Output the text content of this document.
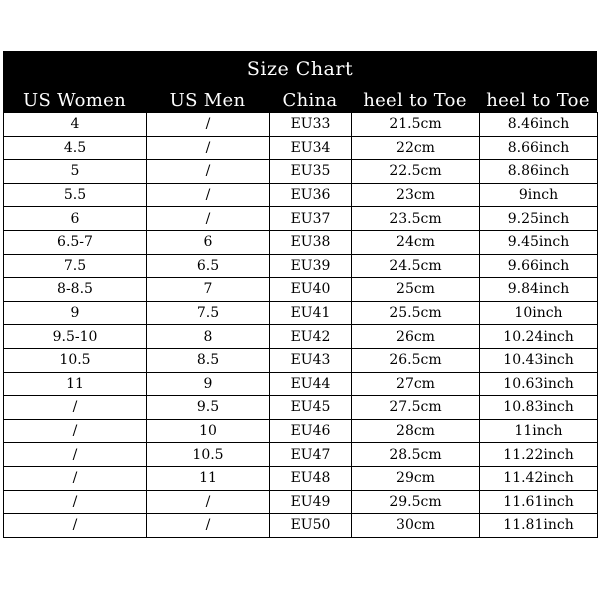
Size Chart
US Women	US Men	China	heel to Toe	heel to Toe
4	/	EU33	21.5cm	8.46inch
4.5	/	EU34	22cm	8.66inch
5	/	EU35	22.5cm	8.86inch
5.5	/	EU36	23cm	9inch
6	/	EU37	23.5cm	9.25inch
6.5-7	6	EU38	24cm	9.45inch
7.5	6.5	EU39	24.5cm	9.66inch
8-8.5	7	EU40	25cm	9.84inch
9	7.5	EU41	25.5cm	10inch
9.5-10	8	EU42	26cm	10.24inch
10.5	8.5	EU43	26.5cm	10.43inch
11	9	EU44	27cm	10.63inch
/	9.5	EU45	27.5cm	10.83inch
/	10	EU46	28cm	11inch
/	10.5	EU47	28.5cm	11.22inch
/	11	EU48	29cm	11.42inch
/	/	EU49	29.5cm	11.61inch
/	/	EU50	30cm	11.81inch
